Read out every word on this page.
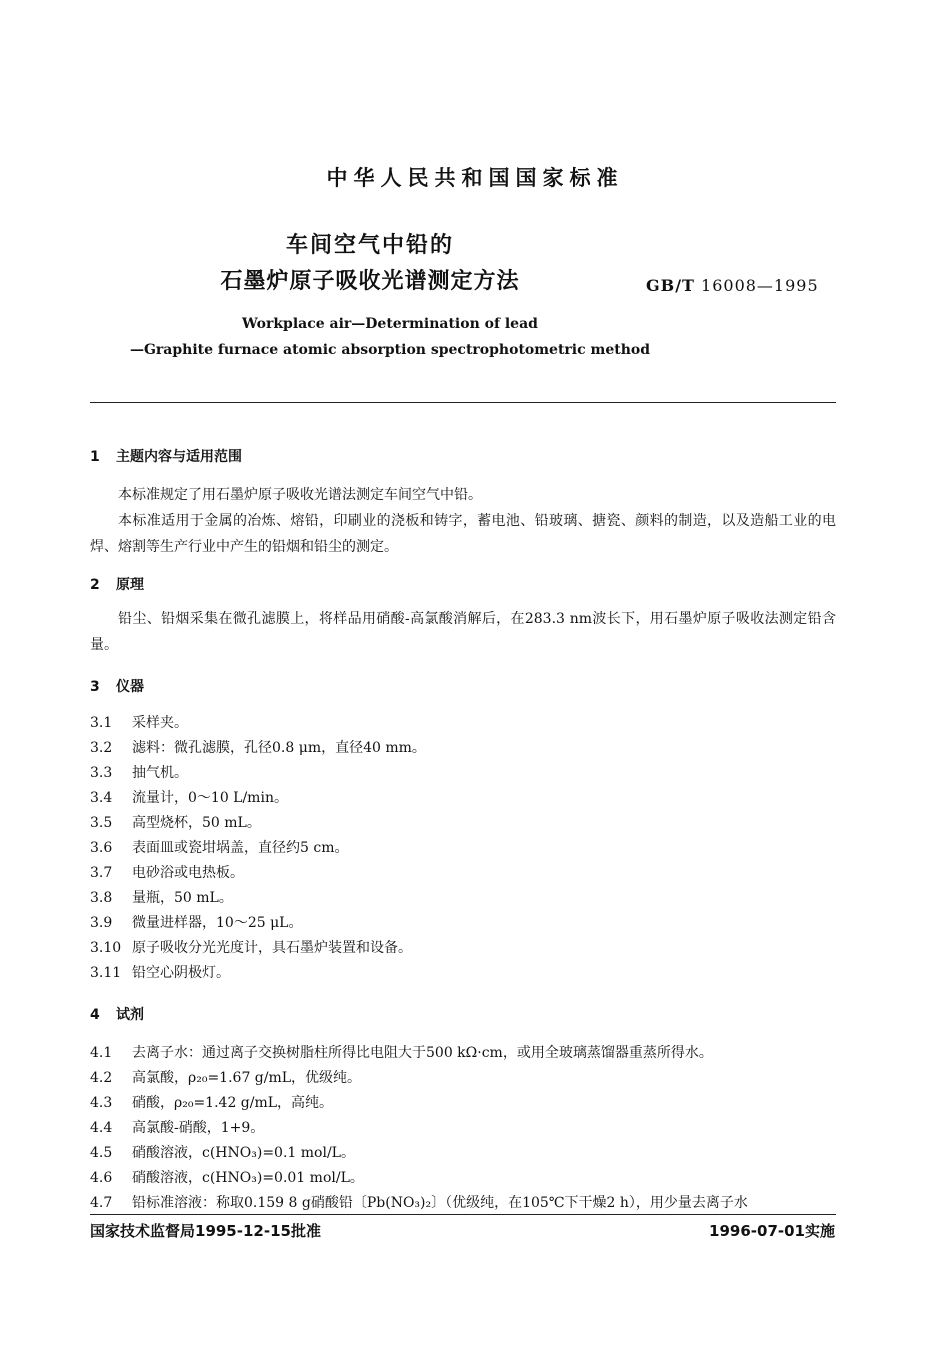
中华人民共和国国家标准
车间空气中铅的
石墨炉原子吸收光谱测定方法	GB/T 16008—1995
Workplace air—Determination of lead
—Graphite furnace atomic absorption spectrophotometric method
1 主题内容与适用范围
本标准规定了用石墨炉原子吸收光谱法测定车间空气中铅。
本标准适用于金属的冶炼、熔铅，印刷业的浇板和铸字，蓄电池、铅玻璃、搪瓷、颜料的制造，以及造船工业的电焊、熔割等生产行业中产生的铅烟和铅尘的测定。
2 原理
铅尘、铅烟采集在微孔滤膜上，将样品用硝酸-高氯酸消解后，在283.3 nm波长下，用石墨炉原子吸收法测定铅含量。
3 仪器
3.1 采样夹。
3.2 滤料：微孔滤膜，孔径0.8 μm，直径40 mm。
3.3 抽气机。
3.4 流量计，0～10 L/min。
3.5 高型烧杯，50 mL。
3.6 表面皿或瓷坩埚盖，直径约5 cm。
3.7 电砂浴或电热板。
3.8 量瓶，50 mL。
3.9 微量进样器，10～25 μL。
3.10 原子吸收分光光度计，具石墨炉装置和设备。
3.11 铅空心阴极灯。
4 试剂
4.1 去离子水：通过离子交换树脂柱所得比电阻大于500 kΩ·cm，或用全玻璃蒸馏器重蒸所得水。
4.2 高氯酸，ρ₂₀=1.67 g/mL，优级纯。
4.3 硝酸，ρ₂₀=1.42 g/mL，高纯。
4.4 高氯酸-硝酸，1+9。
4.5 硝酸溶液，c(HNO₃)=0.1 mol/L。
4.6 硝酸溶液，c(HNO₃)=0.01 mol/L。
4.7 铅标准溶液：称取0.159 8 g硝酸铅〔Pb(NO₃)₂〕（优级纯，在105℃下干燥2 h），用少量去离子水
国家技术监督局1995-12-15批准	1996-07-01实施
